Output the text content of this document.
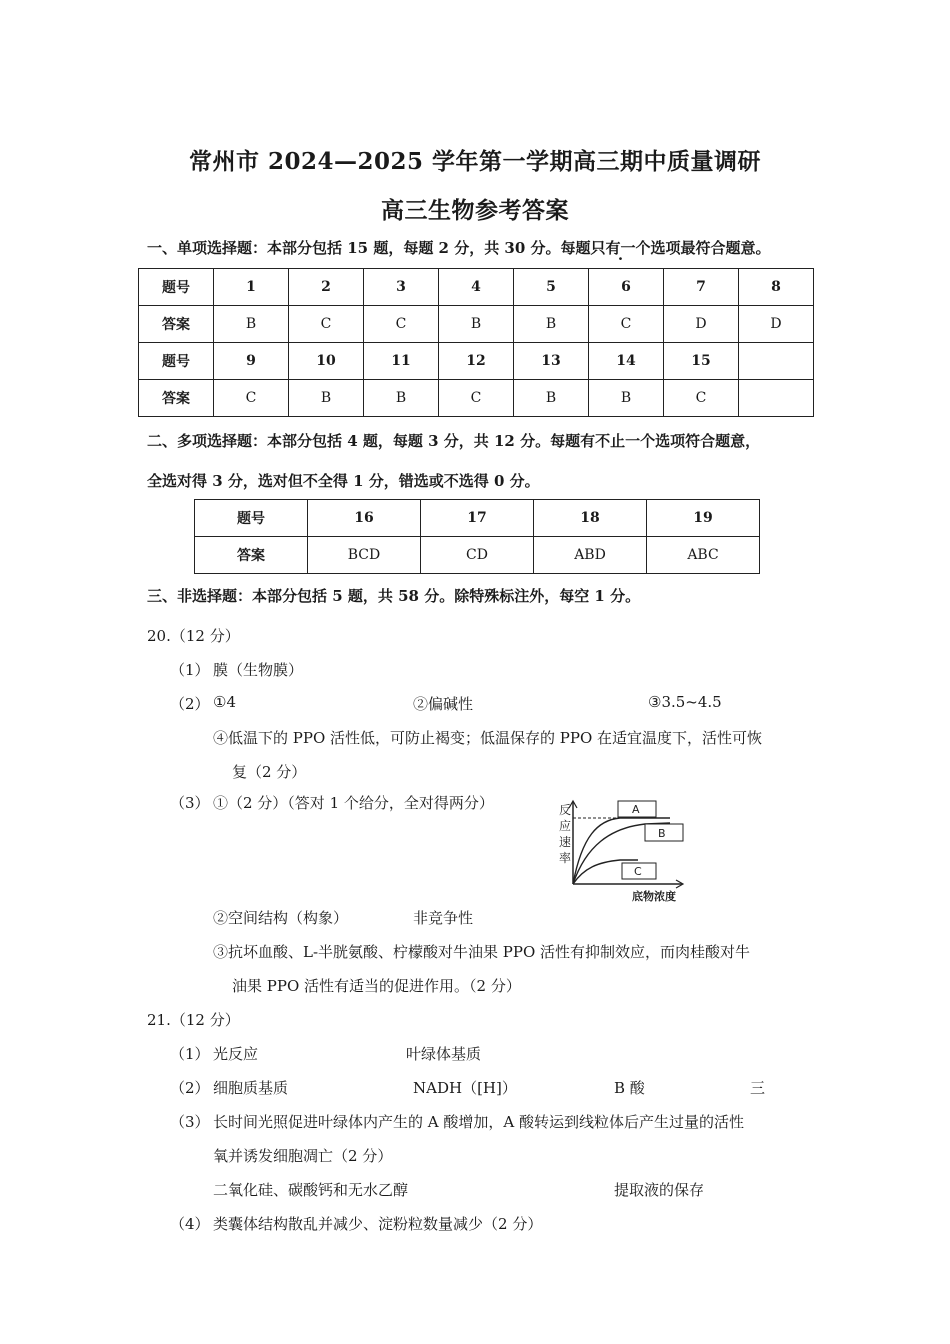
常州市 2024—2025 学年第一学期高三期中质量调研
高三生物参考答案
一、单项选择题：本部分包括 15 题，每题 2 分，共 30 分。每题只有一个选项最符合题意。
题号	1	2	3	4	5	6	7	8
答案	B	C	C	B	B	C	D	D
题号	9	10	11	12	13	14	15	
答案	C	B	B	C	B	B	C	
二、多项选择题：本部分包括 4 题，每题 3 分，共 12 分。每题有不止一个选项符合题意，
全选对得 3 分，选对但不全得 1 分，错选或不选得 0 分。
题号	16	17	18	19
答案	BCD	CD	ABD	ABC
三、非选择题：本部分包括 5 题，共 58 分。除特殊标注外，每空 1 分。
20.（12 分）
（1） 膜（生物膜）
（2） ①4	②偏碱性	③3.5~4.5
④低温下的 PPO 活性低，可防止褐变；低温保存的 PPO 在适宜温度下，活性可恢
复（2 分）
（3） ①（2 分）（答对 1 个给分，全对得两分）	反
应
速
率
A
B
C
底物浓度
②空间结构（构象）	非竞争性
③抗坏血酸、L-半胱氨酸、柠檬酸对牛油果 PPO 活性有抑制效应，而肉桂酸对牛
油果 PPO 活性有适当的促进作用。（2 分）
21.（12 分）
（1） 光反应	叶绿体基质
（2） 细胞质基质	NADH（[H]）	B 酸	三
（3） 长时间光照促进叶绿体内产生的 A 酸增加，A 酸转运到线粒体后产生过量的活性
氧并诱发细胞凋亡（2 分）
二氧化硅、碳酸钙和无水乙醇	提取液的保存
（4） 类囊体结构散乱并减少、淀粉粒数量减少（2 分）
